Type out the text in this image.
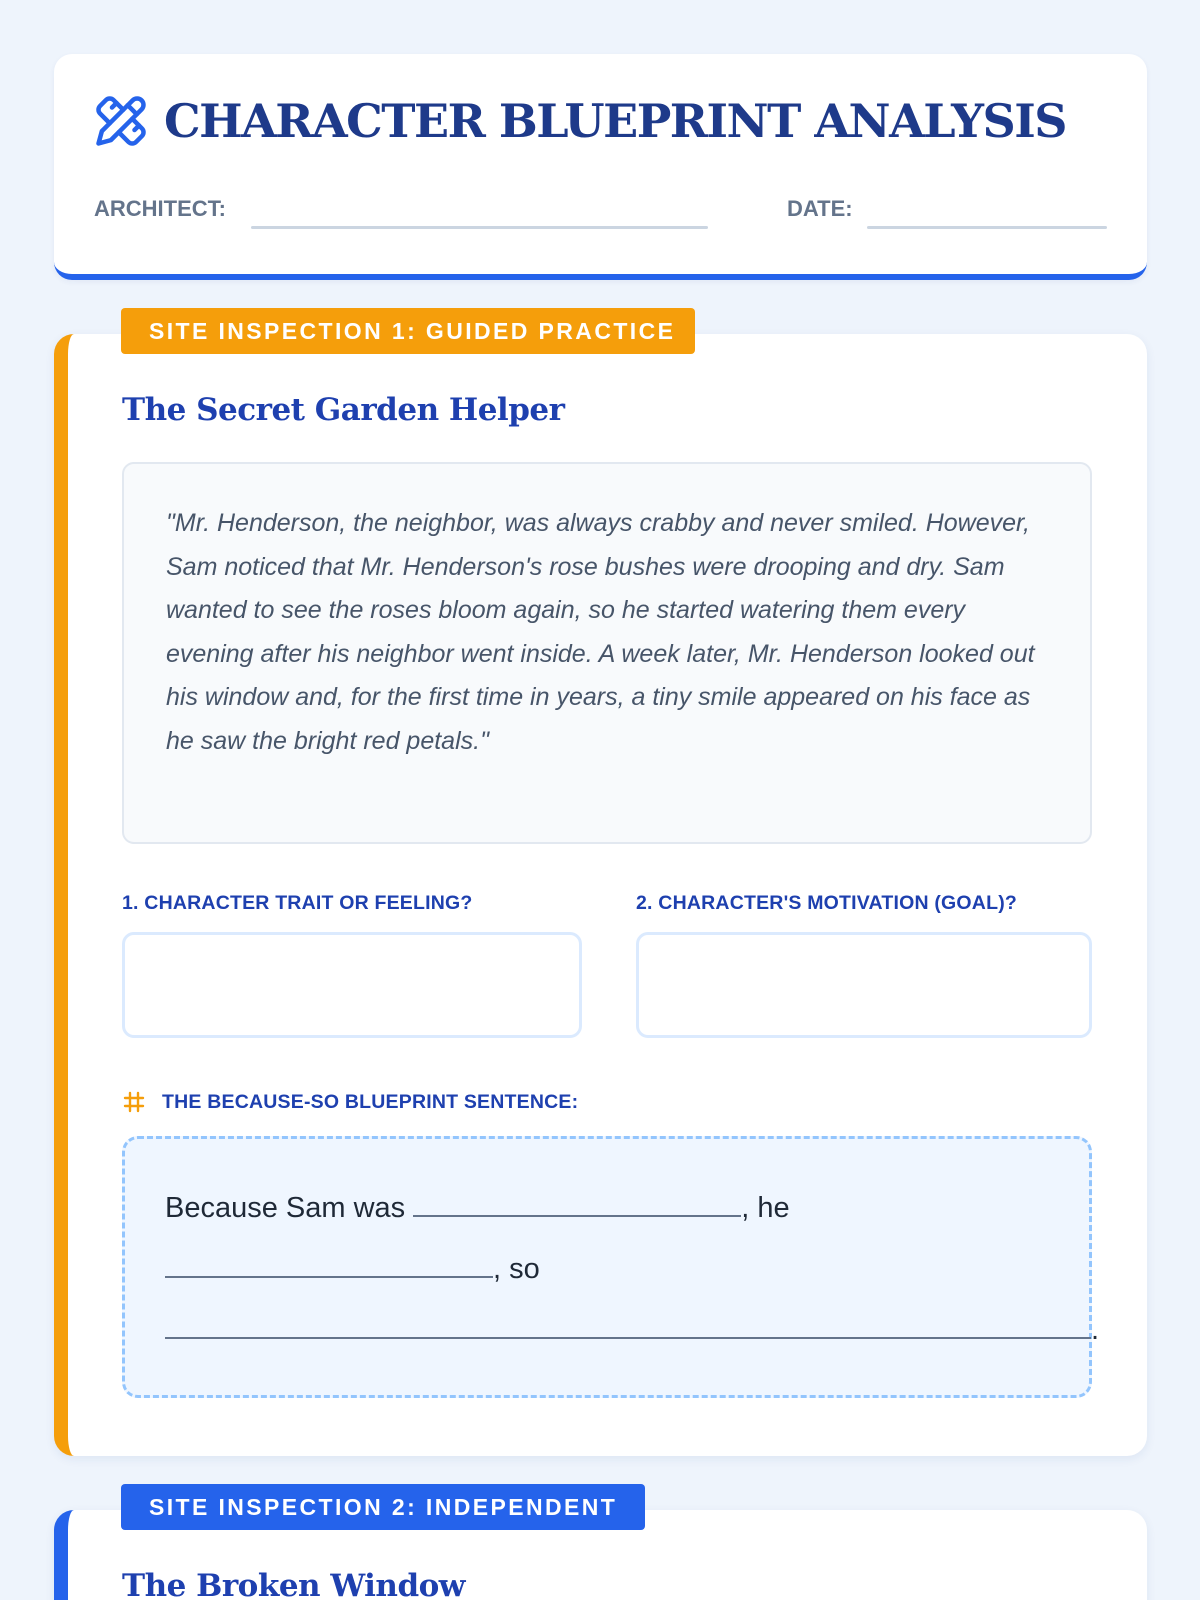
CHARACTER BLUEPRINT ANALYSIS
ARCHITECT:	DATE:
The Secret Garden Helper
"Mr. Henderson, the neighbor, was always crabby and never smiled. However, Sam noticed that Mr. Henderson's rose bushes were drooping and dry. Sam wanted to see the roses bloom again, so he started watering them every evening after his neighbor went inside. A week later, Mr. Henderson looked out his window and, for the first time in years, a tiny smile appeared on his face as he saw the bright red petals."
1. CHARACTER TRAIT OR FEELING?	2. CHARACTER'S MOTIVATION (GOAL)?
THE BECAUSE-SO BLUEPRINT SENTENCE:
Because Sam was	, he
, so
.
SITE INSPECTION 1: GUIDED PRACTICE
The Broken Window
SITE INSPECTION 2: INDEPENDENT
